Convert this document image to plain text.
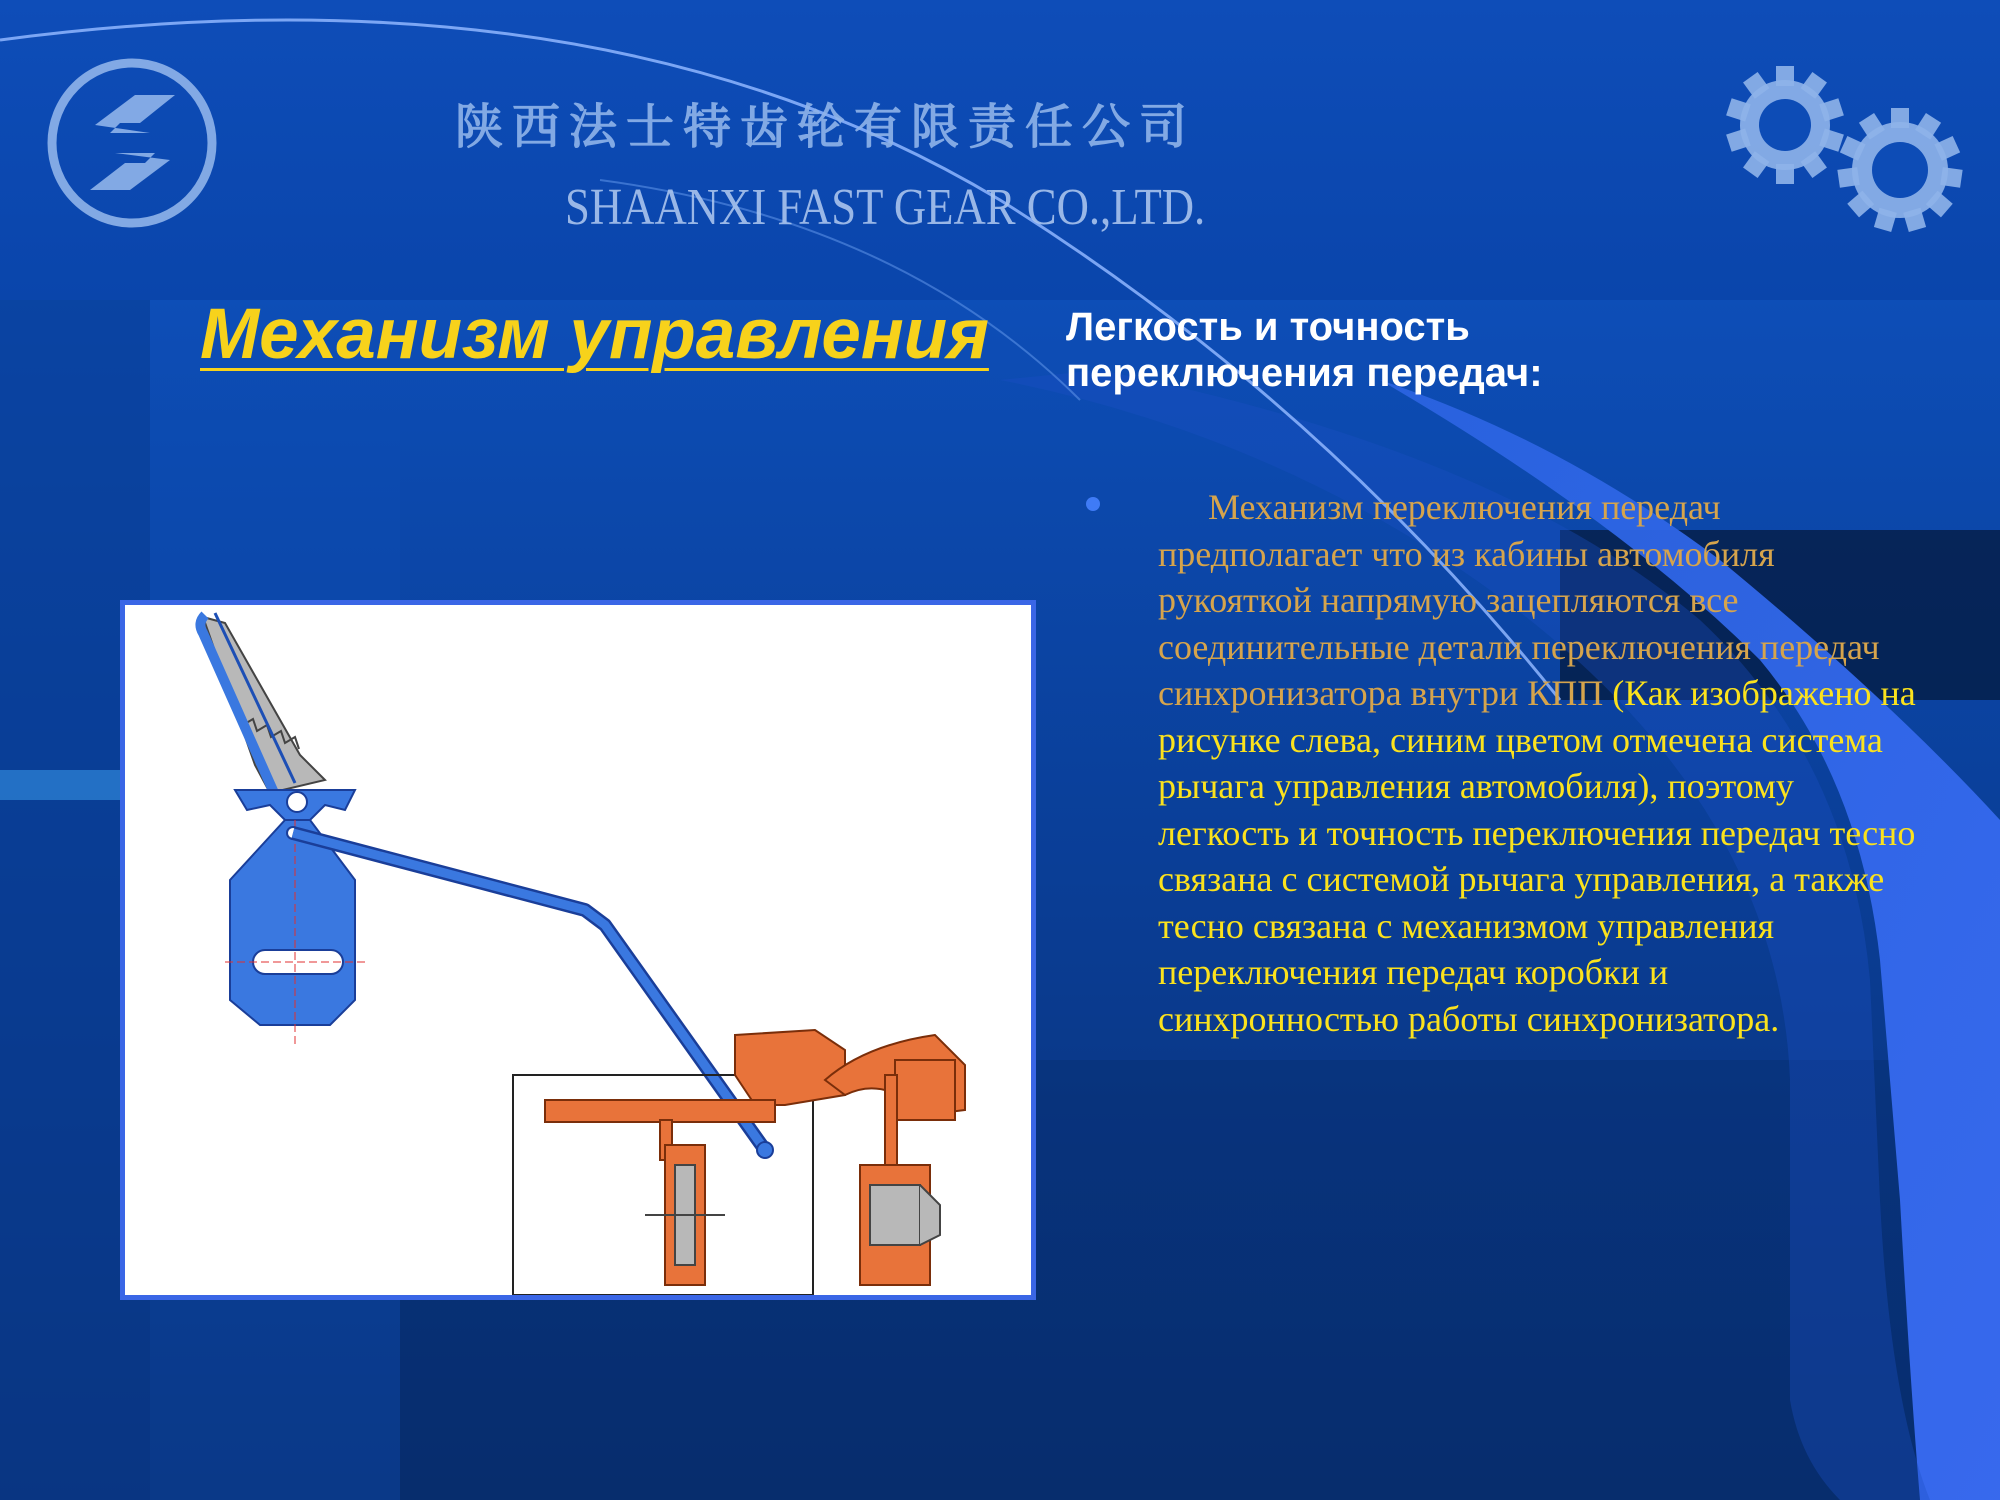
陕西法士特齿轮有限责任公司
SHAANXI FAST GEAR CO.,LTD.
Механизм управления Легкость и точность
переключения передач:

Механизм переключения передач предполагает что из кабины автомобиля рукояткой напрямую зацепляются все соединительные детали переключения передач синхронизатора внутри КПП (Как изображено на рисунке слева, синим цветом отмечена система рычага управления автомобиля), поэтому легкость и точность переключения передач тесно связана с системой рычага управления, а также тесно связана с механизмом управления переключения передач коробки и синхронностью работы синхронизатора.
